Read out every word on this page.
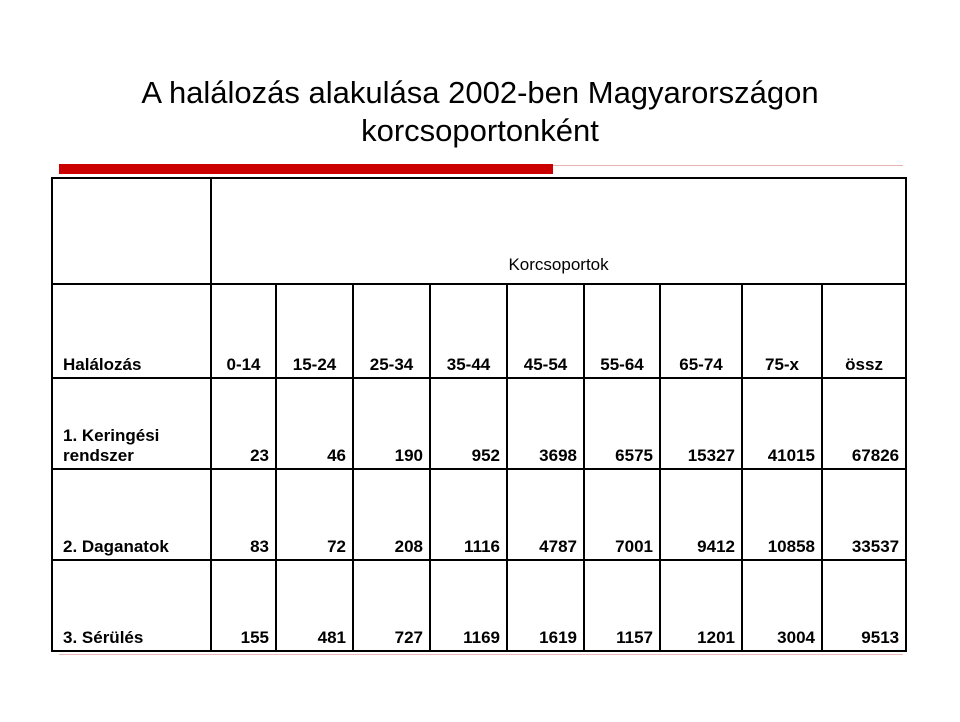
A halálozás alakulása 2002-ben Magyarországon
korcsoportonként
	Korcsoportok								
Halálozás	0-14	15-24	25-34	35-44	45-54	55-64	65-74	75-x	össz

1. Keringési
rendszer	23	46	190	952	3698	6575	15327	41015	67826
2. Daganatok	83	72	208	1116	4787	7001	9412	10858	33537
3. Sérülés	155	481	727	1169	1619	1157	1201	3004	9513
